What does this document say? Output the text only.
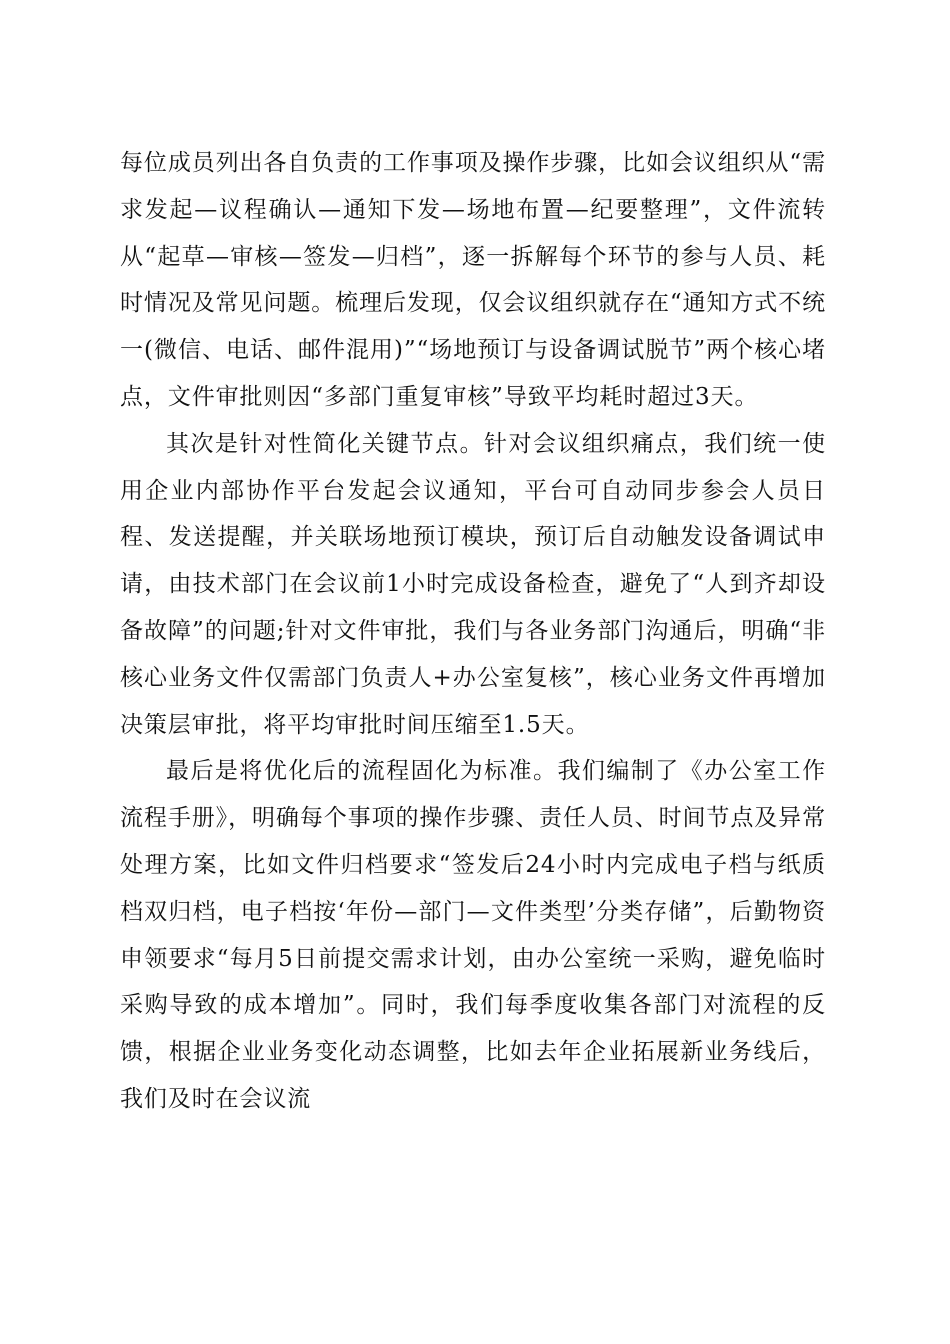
每位成员列出各自负责的工作事项及操作步骤，比如会议组织从“需求发起—议程确认—通知下发—场地布置—纪要整理”，文件流转从“起草—审核—签发—归档”，逐一拆解每个环节的参与人员、耗时情况及常见问题。梳理后发现，仅会议组织就存在“通知方式不统一(微信、电话、邮件混用)”“场地预订与设备调试脱节”两个核心堵点，文件审批则因“多部门重复审核”导致平均耗时超过3天。

其次是针对性简化关键节点。针对会议组织痛点，我们统一使用企业内部协作平台发起会议通知，平台可自动同步参会人员日程、发送提醒，并关联场地预订模块，预订后自动触发设备调试申请，由技术部门在会议前1小时完成设备检查，避免了“人到齐却设备故障”的问题;针对文件审批，我们与各业务部门沟通后，明确“非核心业务文件仅需部门负责人+办公室复核”，核心业务文件再增加决策层审批，将平均审批时间压缩至1.5天。

最后是将优化后的流程固化为标准。我们编制了《办公室工作流程手册》，明确每个事项的操作步骤、责任人员、时间节点及异常处理方案，比如文件归档要求“签发后24小时内完成电子档与纸质档双归档，电子档按‘年份—部门—文件类型’分类存储”，后勤物资申领要求“每月5日前提交需求计划，由办公室统一采购，避免临时采购导致的成本增加”。同时，我们每季度收集各部门对流程的反馈，根据企业业务变化动态调整，比如去年企业拓展新业务线后，我们及时在会议流
